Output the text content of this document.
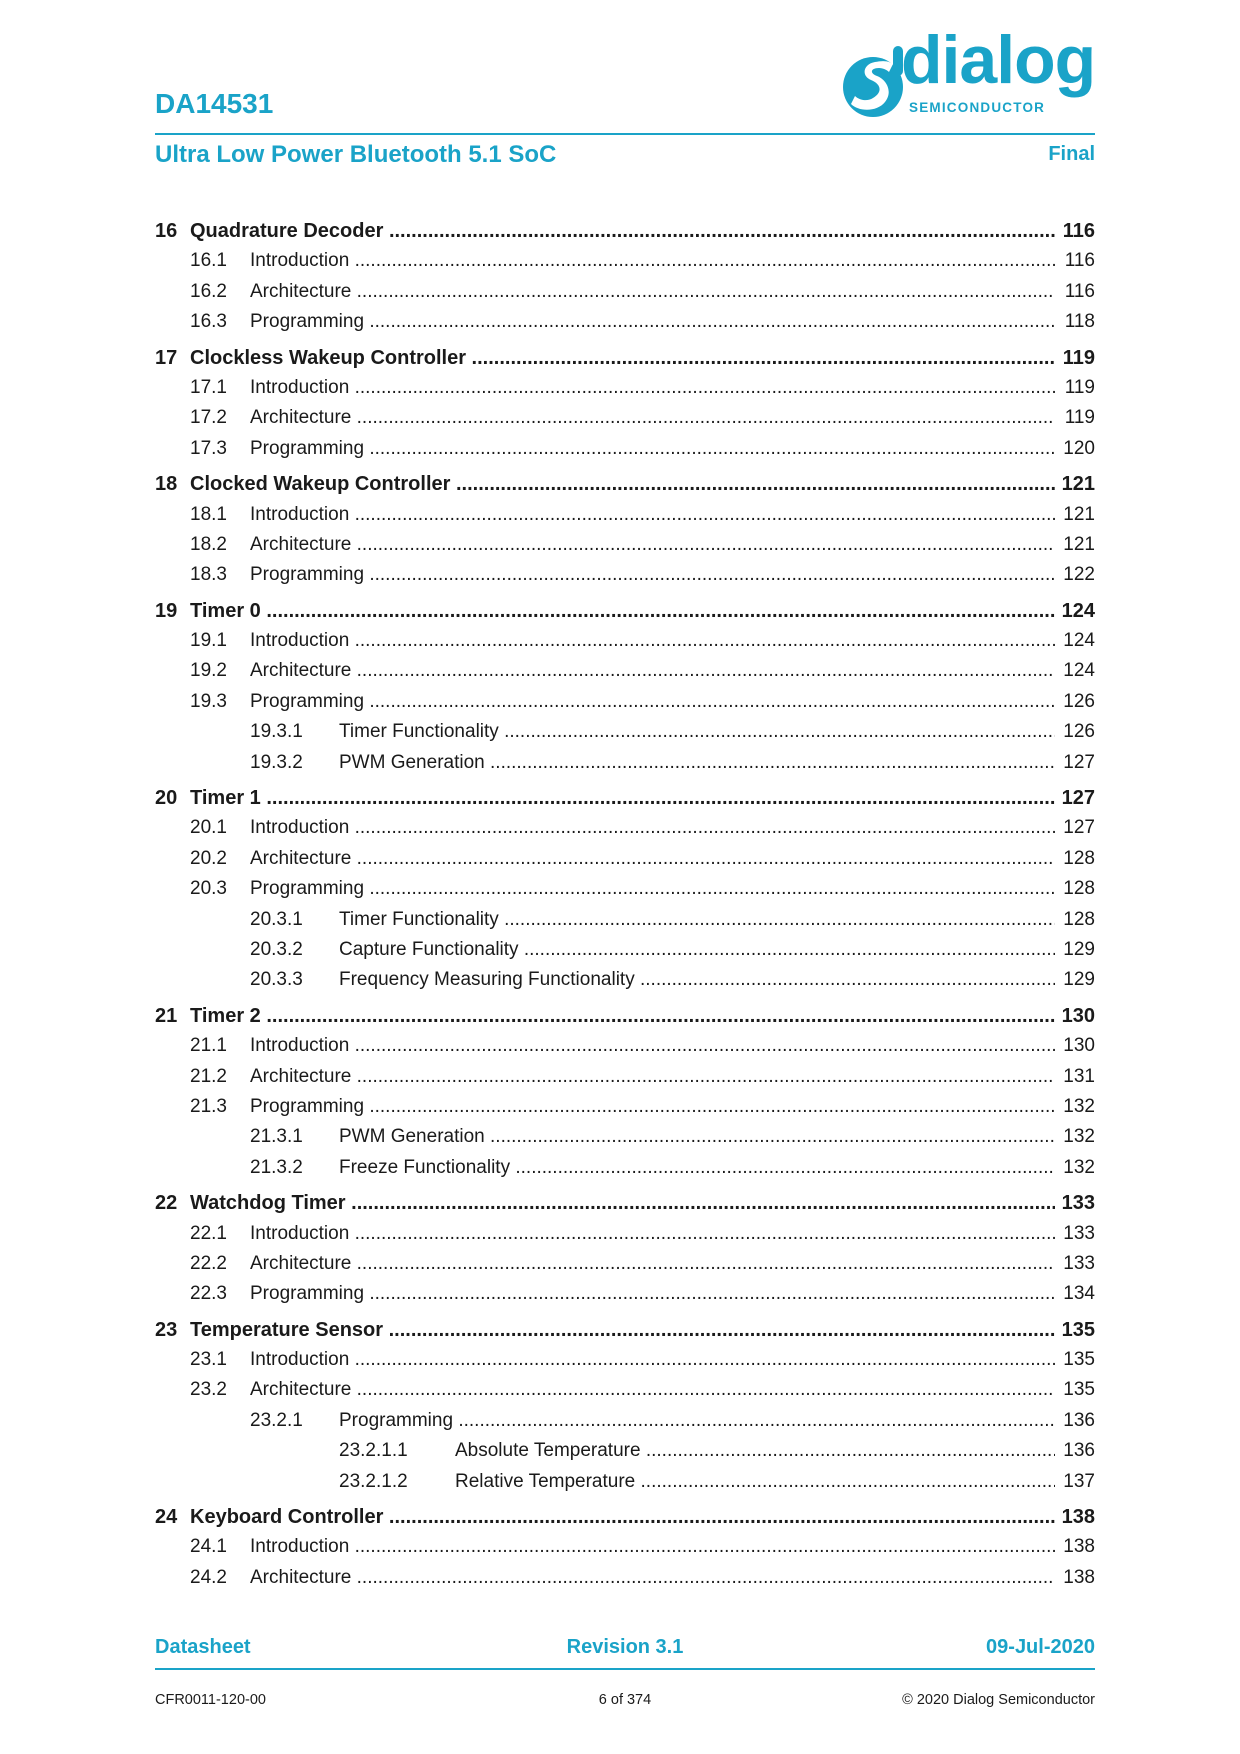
DA14531
dialog
SEMICONDUCTOR
Ultra Low Power Bluetooth 5.1 SoC	Final
16 Quadrature Decoder .....	116
16.1 Introduction .....	116
16.2 Architecture .....	116
16.3 Programming .....	118
17 Clockless Wakeup Controller .....	119
17.1 Introduction .....	119
17.2 Architecture .....	119
17.3 Programming .....	120
18 Clocked Wakeup Controller .....	121
18.1 Introduction .....	121
18.2 Architecture .....	121
18.3 Programming .....	122
19 Timer 0 .....	124
19.1 Introduction .....	124
19.2 Architecture .....	124
19.3 Programming .....	126
19.3.1 Timer Functionality .....	126
19.3.2 PWM Generation .....	127
20 Timer 1 .....	127
20.1 Introduction .....	127
20.2 Architecture .....	128
20.3 Programming .....	128
20.3.1 Timer Functionality .....	128
20.3.2 Capture Functionality .....	129
20.3.3 Frequency Measuring Functionality .....	129
21 Timer 2 .....	130
21.1 Introduction .....	130
21.2 Architecture .....	131
21.3 Programming .....	132
21.3.1 PWM Generation .....	132
21.3.2 Freeze Functionality .....	132
22 Watchdog Timer .....	133
22.1 Introduction .....	133
22.2 Architecture .....	133
22.3 Programming .....	134
23 Temperature Sensor .....	135
23.1 Introduction .....	135
23.2 Architecture .....	135
23.2.1 Programming .....	136
23.2.1.1 Absolute Temperature .....	136
23.2.1.2 Relative Temperature .....	137
24 Keyboard Controller .....	138
24.1 Introduction .....	138
24.2 Architecture .....	138
Datasheet	Revision 3.1	09-Jul-2020
CFR0011-120-00	6 of 374	© 2020 Dialog Semiconductor
